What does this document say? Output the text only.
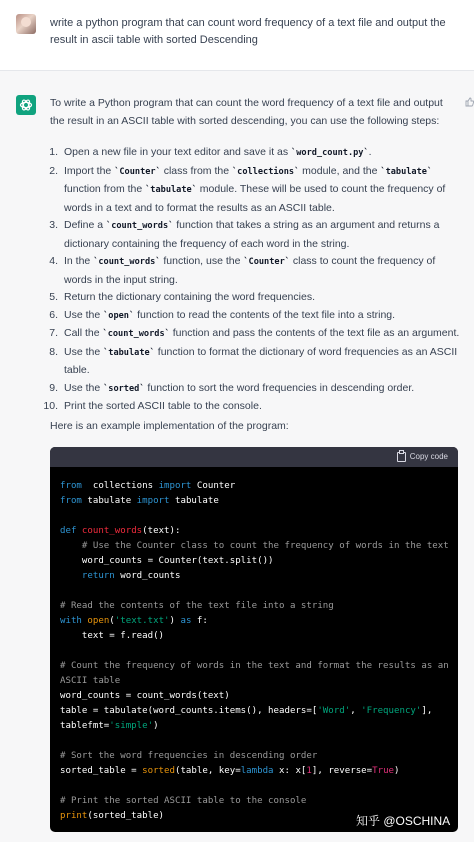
write a python program that can count word frequency of a text file and output the result in ascii table with sorted Descending
To write a Python program that can count the word frequency of a text file and output the result in an ASCII table with sorted descending, you can use the following steps:
1. Open a new file in your text editor and save it as `word_count.py`.
2. Import the `Counter` class from the `collections` module, and the `tabulate` function from the `tabulate` module. These will be used to count the frequency of words in a text and to format the results as an ASCII table.
3. Define a `count_words` function that takes a string as an argument and returns a dictionary containing the frequency of each word in the string.
4. In the `count_words` function, use the `Counter` class to count the frequency of words in the input string.
5. Return the dictionary containing the word frequencies.
6. Use the `open` function to read the contents of the text file into a string.
7. Call the `count_words` function and pass the contents of the text file as an argument.
8. Use the `tabulate` function to format the dictionary of word frequencies as an ASCII table.
9. Use the `sorted` function to sort the word frequencies in descending order.
10. Print the sorted ASCII table to the console.
Here is an example implementation of the program:
Copy code
from  collections import Counter
from tabulate import tabulate

def count_words(text):
# Use the Counter class to count the frequency of words in the text
word_counts = Counter(text.split())
return word_counts

# Read the contents of the text file into a string
with open('text.txt') as f:
text = f.read()

# Count the frequency of words in the text and format the results as an
ASCII table
word_counts = count_words(text)
table = tabulate(word_counts.items(), headers=['Word', 'Frequency'],
tablefmt='simple')

# Sort the word frequencies in descending order
sorted_table = sorted(table, key=lambda x: x[1], reverse=True)

# Print the sorted ASCII table to the console
print(sorted_table)	知乎 @OSCHINA
